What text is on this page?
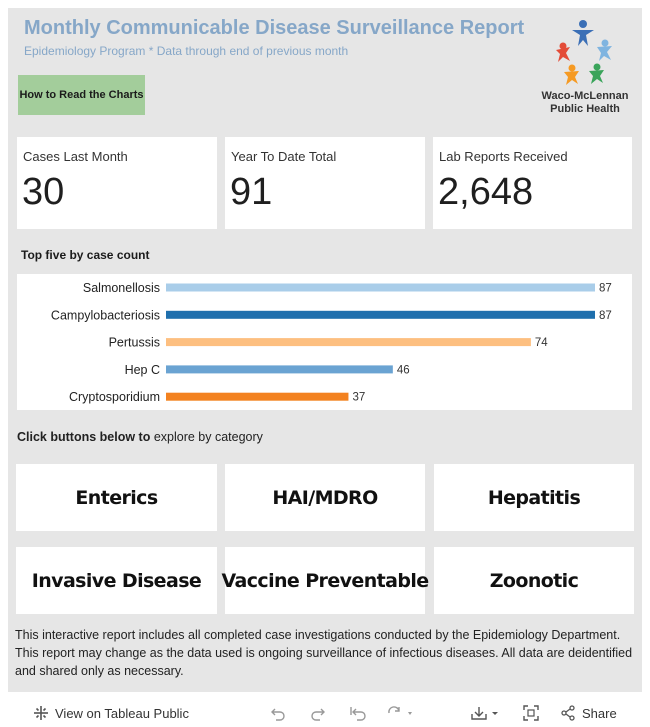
Monthly Communicable Disease Surveillance Report
Epidemiology Program * Data through end of previous month
How to Read the Charts	Waco-McLennan
Public Health
Cases Last Month
30
Year To Date Total
91
Lab Reports Received
2,648
Top five by case count
Salmonellosis	87
Campylobacteriosis	87
Pertussis	74
Hep C	46
Cryptosporidium	37
Click buttons below to explore by category
Enterics	HAI/MDRO	Hepatitis
Invasive Disease	Vaccine Preventable	Zoonotic
This interactive report includes all completed case investigations conducted by the Epidemiology Department. This report may change as the data used is ongoing surveillance of infectious diseases. All data are deidentified and shared only as necessary.
View on Tableau Public	Share
